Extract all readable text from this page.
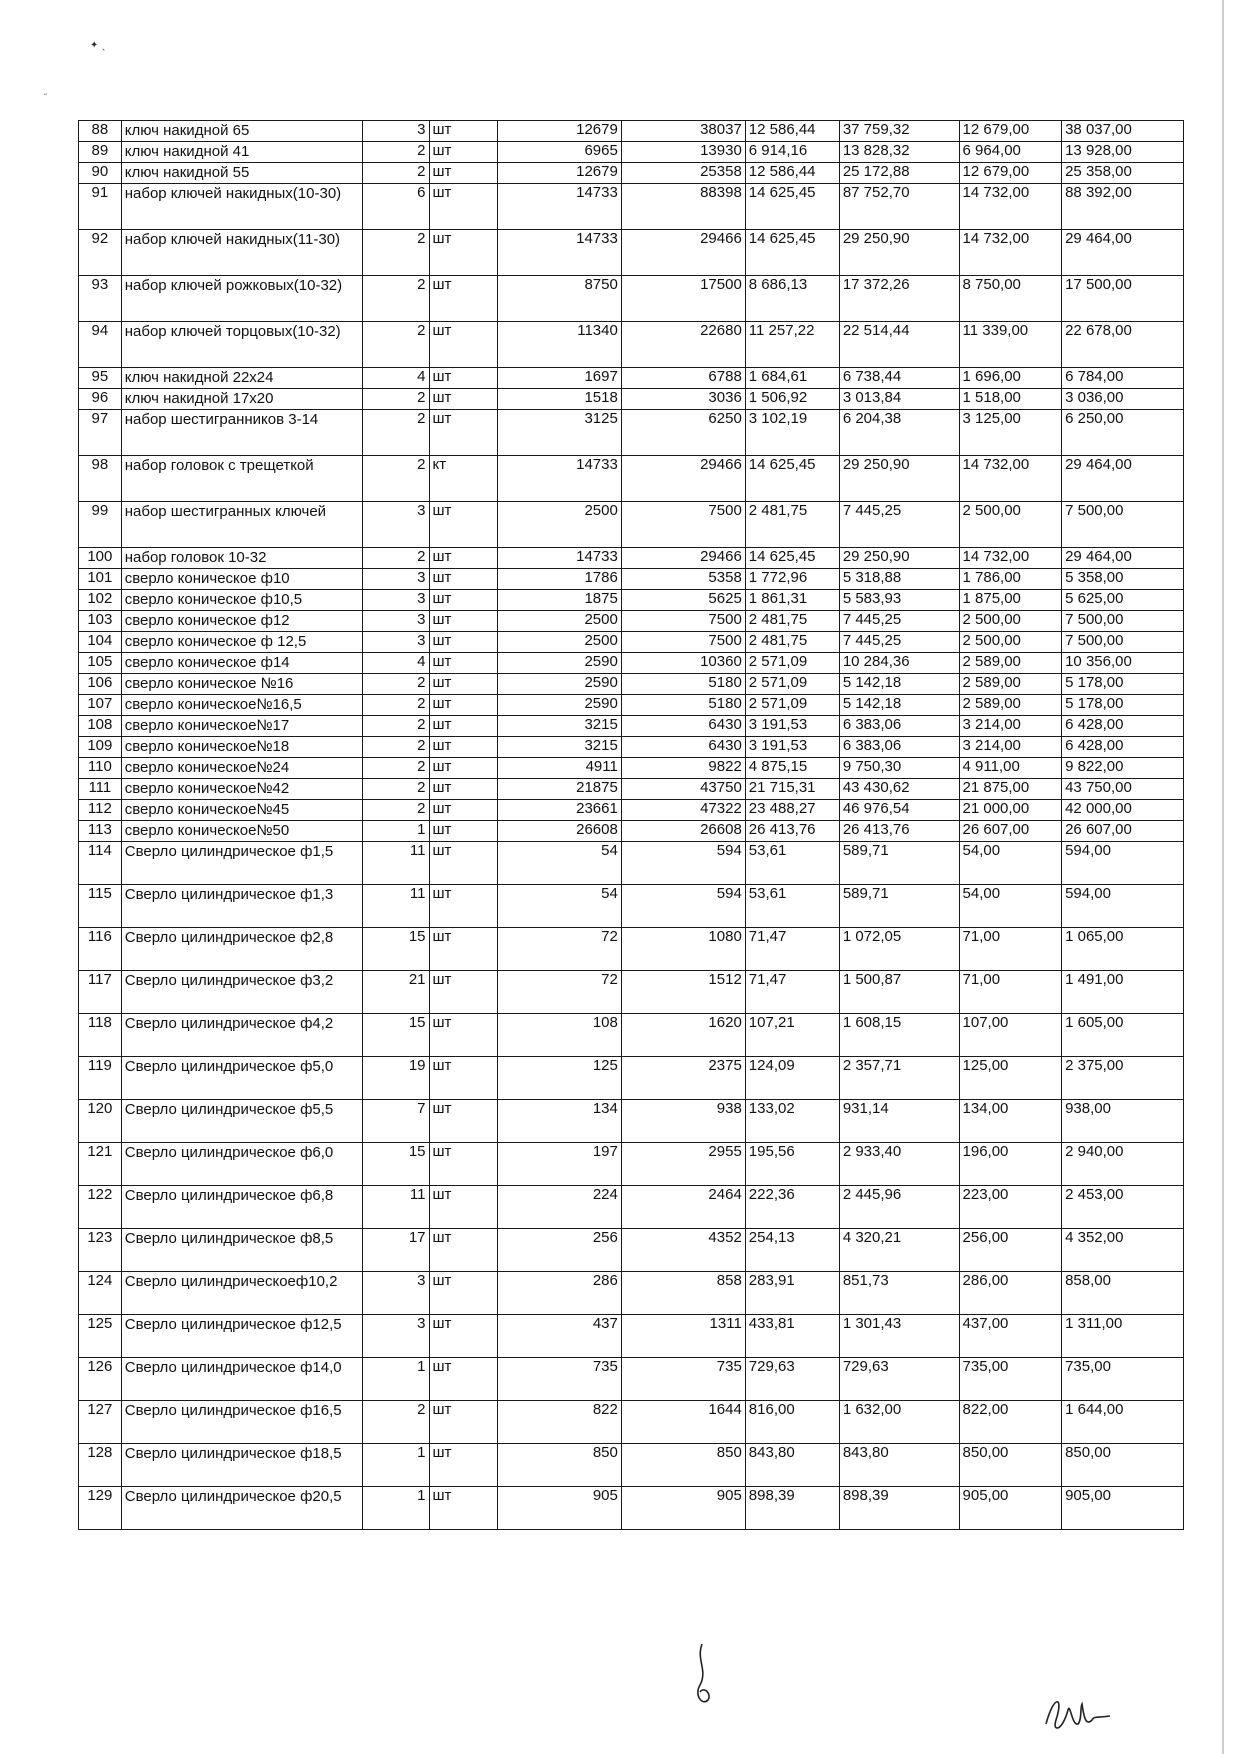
✦ ˎ
˶
88	ключ накидной 65	3	шт	12679	38037	12 586,44	37 759,32	12 679,00	38 037,00
89	ключ накидной 41	2	шт	6965	13930	6 914,16	13 828,32	6 964,00	13 928,00
90	ключ накидной 55	2	шт	12679	25358	12 586,44	25 172,88	12 679,00	25 358,00
91	набор ключей накидных(10-30)	6	шт	14733	88398	14 625,45	87 752,70	14 732,00	88 392,00
92	набор ключей накидных(11-30)	2	шт	14733	29466	14 625,45	29 250,90	14 732,00	29 464,00
93	набор ключей рожковых(10-32)	2	шт	8750	17500	8 686,13	17 372,26	8 750,00	17 500,00
94	набор ключей торцовых(10-32)	2	шт	11340	22680	11 257,22	22 514,44	11 339,00	22 678,00
95	ключ накидной 22х24	4	шт	1697	6788	1 684,61	6 738,44	1 696,00	6 784,00
96	ключ накидной 17х20	2	шт	1518	3036	1 506,92	3 013,84	1 518,00	3 036,00
97	набор шестигранников 3-14	2	шт	3125	6250	3 102,19	6 204,38	3 125,00	6 250,00
98	набор головок с трещеткой	2	кт	14733	29466	14 625,45	29 250,90	14 732,00	29 464,00
99	набор шестигранных ключей	3	шт	2500	7500	2 481,75	7 445,25	2 500,00	7 500,00
100	набор головок 10-32	2	шт	14733	29466	14 625,45	29 250,90	14 732,00	29 464,00
101	сверло коническое ф10	3	шт	1786	5358	1 772,96	5 318,88	1 786,00	5 358,00
102	сверло коническое ф10,5	3	шт	1875	5625	1 861,31	5 583,93	1 875,00	5 625,00
103	сверло коническое ф12	3	шт	2500	7500	2 481,75	7 445,25	2 500,00	7 500,00
104	сверло коническое ф 12,5	3	шт	2500	7500	2 481,75	7 445,25	2 500,00	7 500,00
105	сверло коническое ф14	4	шт	2590	10360	2 571,09	10 284,36	2 589,00	10 356,00
106	сверло коническое №16	2	шт	2590	5180	2 571,09	5 142,18	2 589,00	5 178,00
107	сверло коническое№16,5	2	шт	2590	5180	2 571,09	5 142,18	2 589,00	5 178,00
108	сверло коническое№17	2	шт	3215	6430	3 191,53	6 383,06	3 214,00	6 428,00
109	сверло коническое№18	2	шт	3215	6430	3 191,53	6 383,06	3 214,00	6 428,00
110	сверло коническое№24	2	шт	4911	9822	4 875,15	9 750,30	4 911,00	9 822,00
111	сверло коническое№42	2	шт	21875	43750	21 715,31	43 430,62	21 875,00	43 750,00
112	сверло коническое№45	2	шт	23661	47322	23 488,27	46 976,54	21 000,00	42 000,00
113	сверло коническое№50	1	шт	26608	26608	26 413,76	26 413,76	26 607,00	26 607,00
114	Сверло цилиндрическое ф1,5	11	шт	54	594	53,61	589,71	54,00	594,00
115	Сверло цилиндрическое ф1,3	11	шт	54	594	53,61	589,71	54,00	594,00
116	Сверло цилиндрическое ф2,8	15	шт	72	1080	71,47	1 072,05	71,00	1 065,00
117	Сверло цилиндрическое ф3,2	21	шт	72	1512	71,47	1 500,87	71,00	1 491,00
118	Сверло цилиндрическое ф4,2	15	шт	108	1620	107,21	1 608,15	107,00	1 605,00
119	Сверло цилиндрическое ф5,0	19	шт	125	2375	124,09	2 357,71	125,00	2 375,00
120	Сверло цилиндрическое ф5,5	7	шт	134	938	133,02	931,14	134,00	938,00
121	Сверло цилиндрическое ф6,0	15	шт	197	2955	195,56	2 933,40	196,00	2 940,00
122	Сверло цилиндрическое ф6,8	11	шт	224	2464	222,36	2 445,96	223,00	2 453,00
123	Сверло цилиндрическое ф8,5	17	шт	256	4352	254,13	4 320,21	256,00	4 352,00
124	Сверло цилиндрическоеф10,2	3	шт	286	858	283,91	851,73	286,00	858,00
125	Сверло цилиндрическое ф12,5	3	шт	437	1311	433,81	1 301,43	437,00	1 311,00
126	Сверло цилиндрическое ф14,0	1	шт	735	735	729,63	729,63	735,00	735,00
127	Сверло цилиндрическое ф16,5	2	шт	822	1644	816,00	1 632,00	822,00	1 644,00
128	Сверло цилиндрическое ф18,5	1	шт	850	850	843,80	843,80	850,00	850,00
129	Сверло цилиндрическое ф20,5	1	шт	905	905	898,39	898,39	905,00	905,00
